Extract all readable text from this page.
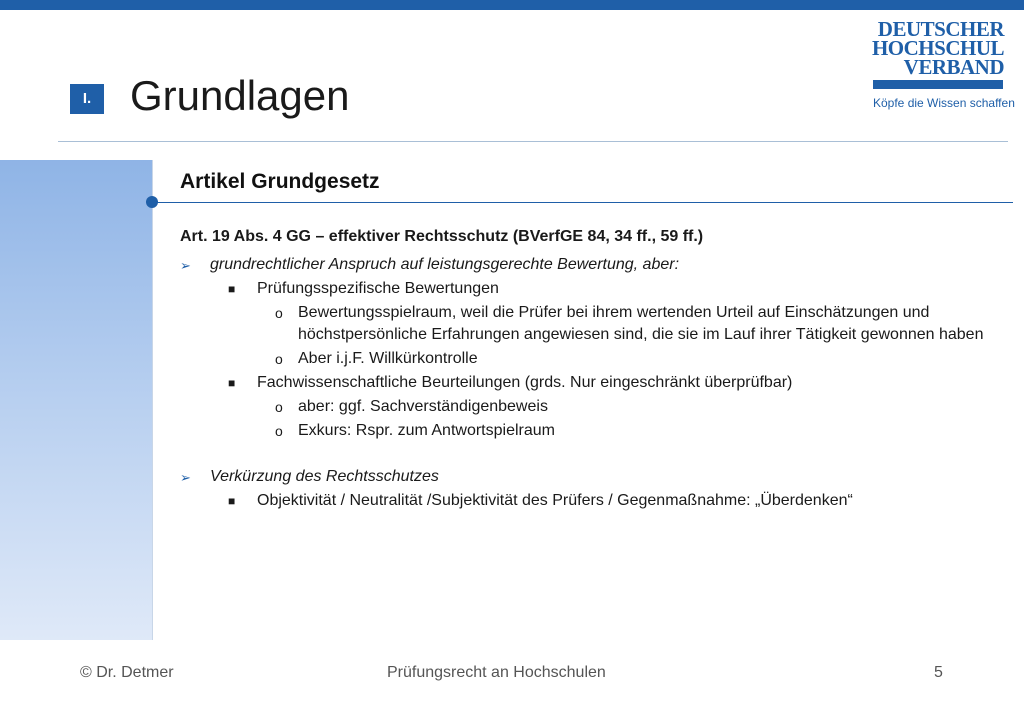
I. Grundlagen
DEUTSCHER
HOCHSCHUL
VERBAND
Köpfe die Wissen schaffen
Artikel Grundgesetz
Art. 19 Abs. 4 GG – effektiver Rechtsschutz (BVerfGE 84, 34 ff., 59 ff.)
➢	grundrechtlicher Anspruch auf leistungsgerechte Bewertung, aber:
■	Prüfungsspezifische Bewertungen
o Bewertungsspielraum, weil die Prüfer bei ihrem wertenden Urteil auf Einschätzungen und höchstpersönliche Erfahrungen angewiesen sind, die sie im Lauf ihrer Tätigkeit gewonnen haben
o Aber i.j.F. Willkürkontrolle
■	Fachwissenschaftliche Beurteilungen (grds. Nur eingeschränkt überprüfbar)
o aber: ggf. Sachverständigenbeweis
o Exkurs: Rspr. zum Antwortspielraum
➢	Verkürzung des Rechtsschutzes
■	Objektivität / Neutralität /Subjektivität des Prüfers / Gegenmaßnahme: „Überdenken“
© Dr. Detmer	Prüfungsrecht an Hochschulen	5
